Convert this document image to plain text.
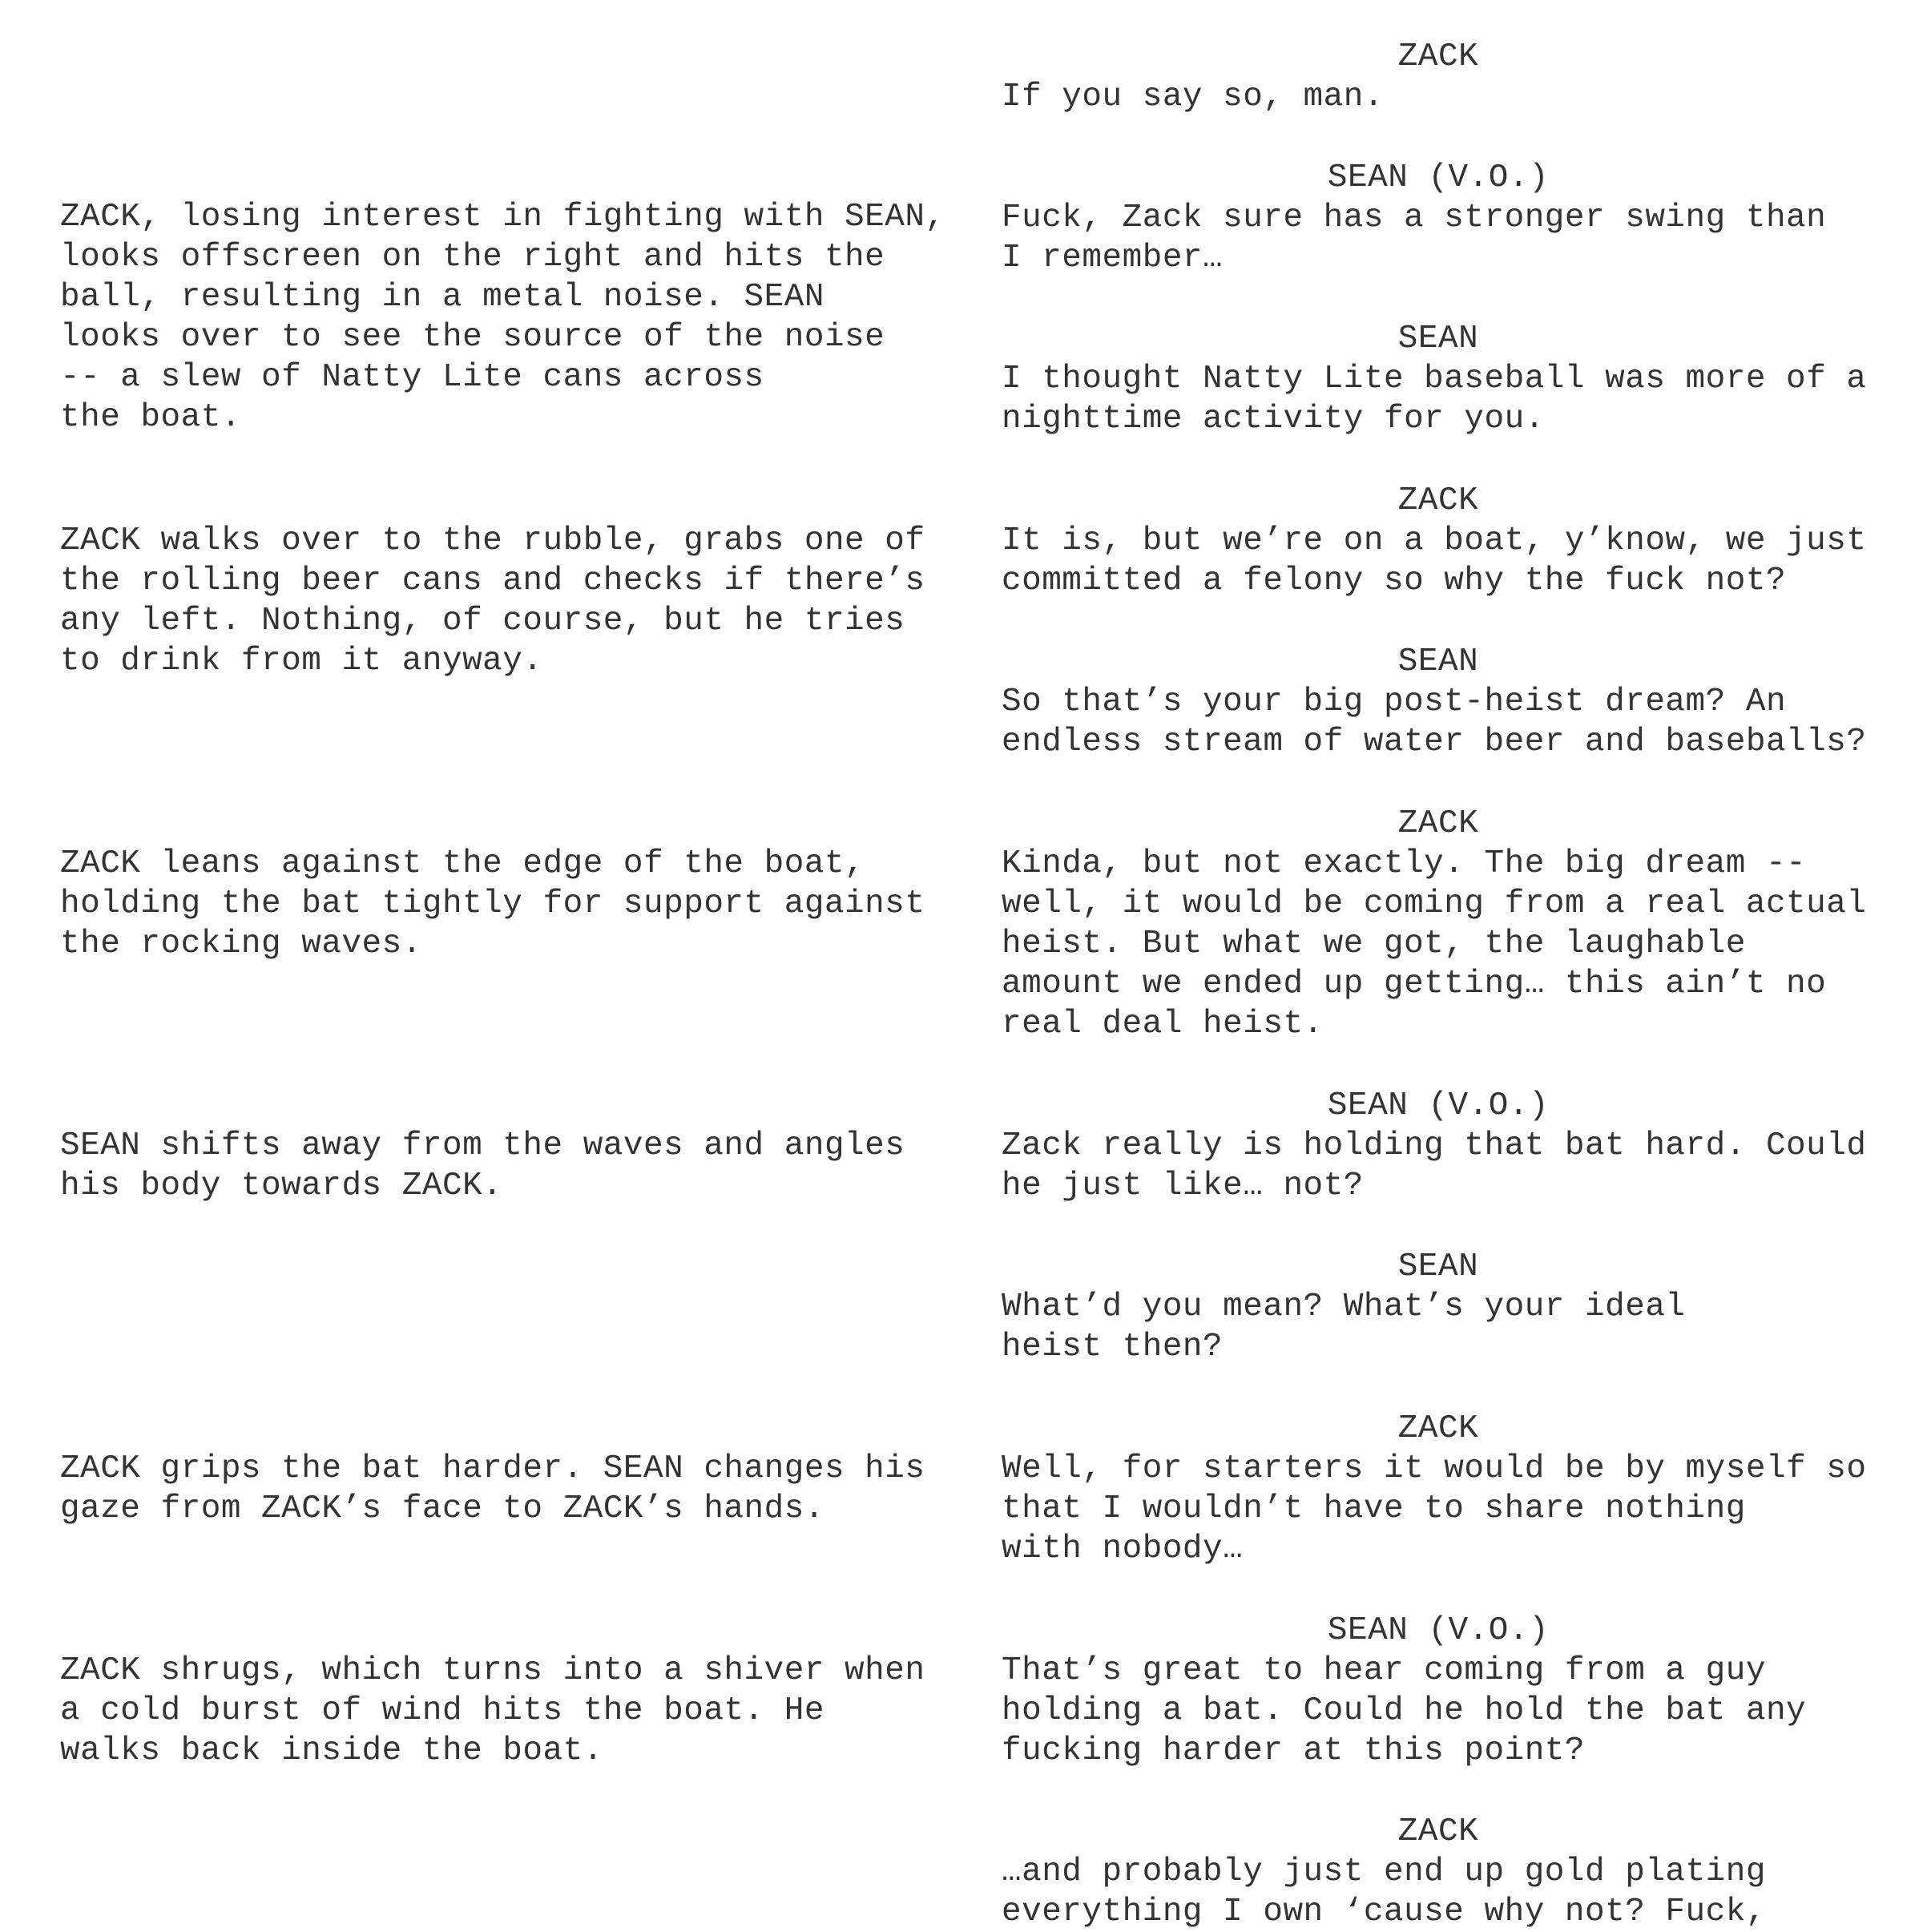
ZACK, losing interest in fighting with SEAN,
looks offscreen on the right and hits the
ball, resulting in a metal noise. SEAN
looks over to see the source of the noise
-- a slew of Natty Lite cans across
the boat.
ZACK walks over to the rubble, grabs one of
the rolling beer cans and checks if there’s
any left. Nothing, of course, but he tries
to drink from it anyway.
ZACK leans against the edge of the boat,
holding the bat tightly for support against
the rocking waves.
SEAN shifts away from the waves and angles
his body towards ZACK.
ZACK grips the bat harder. SEAN changes his
gaze from ZACK’s face to ZACK’s hands.
ZACK shrugs, which turns into a shiver when
a cold burst of wind hits the boat. He
walks back inside the boat.
ZACK
If you say so, man.
SEAN (V.O.)
Fuck, Zack sure has a stronger swing than
I remember…
SEAN
I thought Natty Lite baseball was more of a
nighttime activity for you.
ZACK
It is, but we’re on a boat, y’know, we just
committed a felony so why the fuck not?
SEAN
So that’s your big post-heist dream? An
endless stream of water beer and baseballs?
ZACK
Kinda, but not exactly. The big dream --
well, it would be coming from a real actual
heist. But what we got, the laughable
amount we ended up getting… this ain’t no
real deal heist.
SEAN (V.O.)
Zack really is holding that bat hard. Could
he just like… not?
SEAN
What’d you mean? What’s your ideal
heist then?
ZACK
Well, for starters it would be by myself so
that I wouldn’t have to share nothing
with nobody…
SEAN (V.O.)
That’s great to hear coming from a guy
holding a bat. Could he hold the bat any
fucking harder at this point?
ZACK
…and probably just end up gold plating
everything I own ‘cause why not? Fuck,
